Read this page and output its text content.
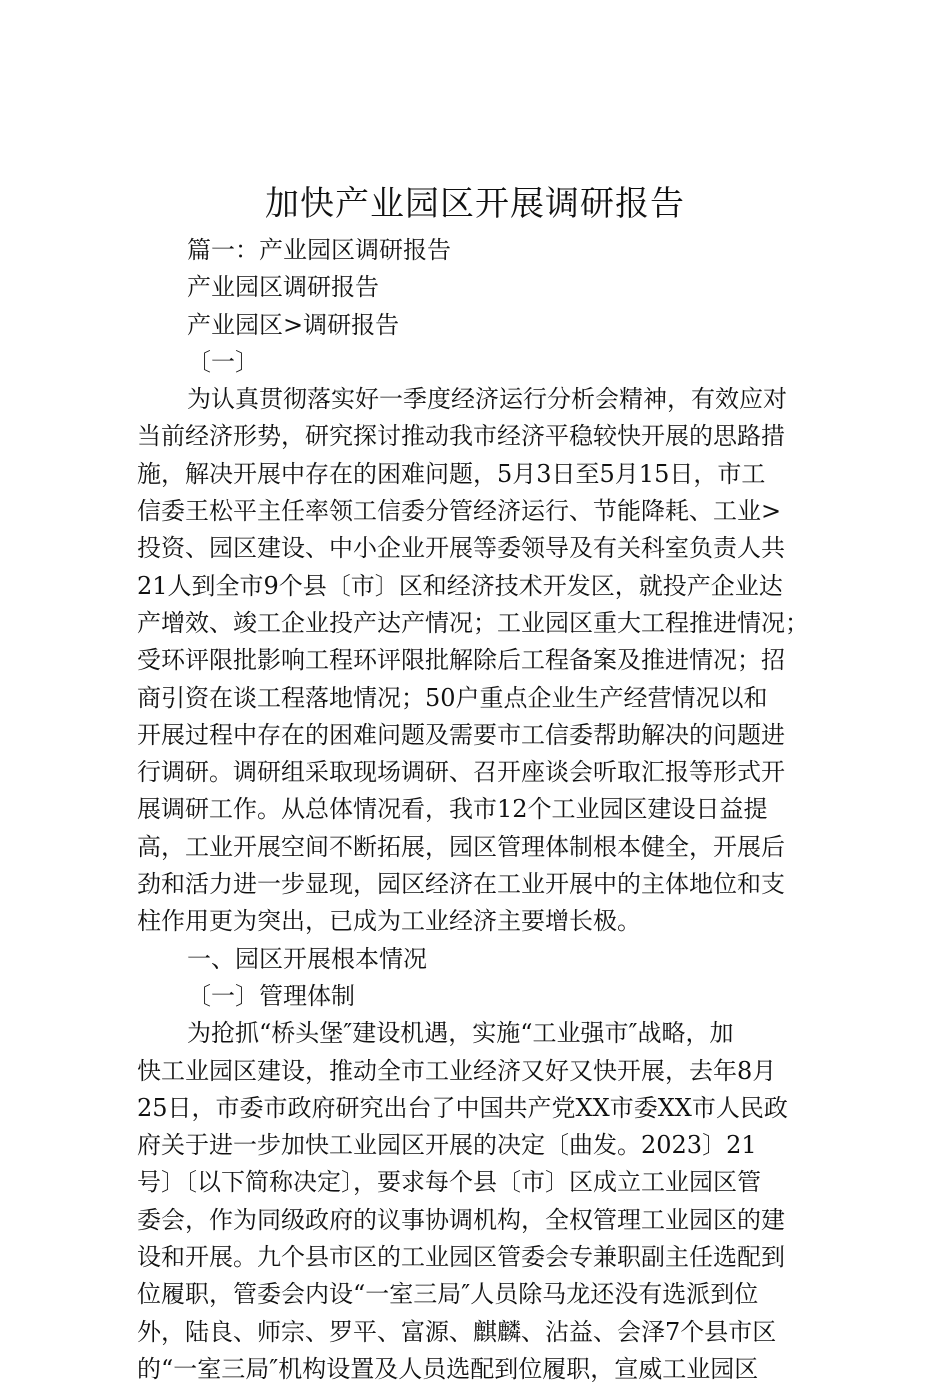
加快产业园区开展调研报告
篇一：产业园区调研报告
产业园区调研报告
产业园区>调研报告
〔一〕
为认真贯彻落实好一季度经济运行分析会精神，有效应对
当前经济形势，研究探讨推动我市经济平稳较快开展的思路措
施，解决开展中存在的困难问题，5月3日至5月15日，市工
信委王松平主任率领工信委分管经济运行、节能降耗、工业>
投资、园区建设、中小企业开展等委领导及有关科室负责人共
21人到全市9个县〔市〕区和经济技术开发区，就投产企业达
产增效、竣工企业投产达产情况；工业园区重大工程推进情况；
受环评限批影响工程环评限批解除后工程备案及推进情况；招
商引资在谈工程落地情况；50户重点企业生产经营情况以和
开展过程中存在的困难问题及需要市工信委帮助解决的问题进
行调研。调研组采取现场调研、召开座谈会听取汇报等形式开
展调研工作。从总体情况看，我市12个工业园区建设日益提
高，工业开展空间不断拓展，园区管理体制根本健全，开展后
劲和活力进一步显现，园区经济在工业开展中的主体地位和支
柱作用更为突出，已成为工业经济主要增长极。
一、园区开展根本情况
〔一〕管理体制
为抢抓“桥头堡″建设机遇，实施“工业强市″战略，加
快工业园区建设，推动全市工业经济又好又快开展，去年8月
25日，市委市政府研究出台了中国共产党XX市委XX市人民政
府关于进一步加快工业园区开展的决定〔曲发。2023〕21
号〕〔以下简称决定〕，要求每个县〔市〕区成立工业园区管
委会，作为同级政府的议事协调机构，全权管理工业园区的建
设和开展。九个县市区的工业园区管委会专兼职副主任选配到
位履职，管委会内设“一室三局″人员除马龙还没有选派到位
外，陆良、师宗、罗平、富源、麒麟、沾益、会泽7个县市区
的“一室三局″机构设置及人员选配到位履职，宣威工业园区
